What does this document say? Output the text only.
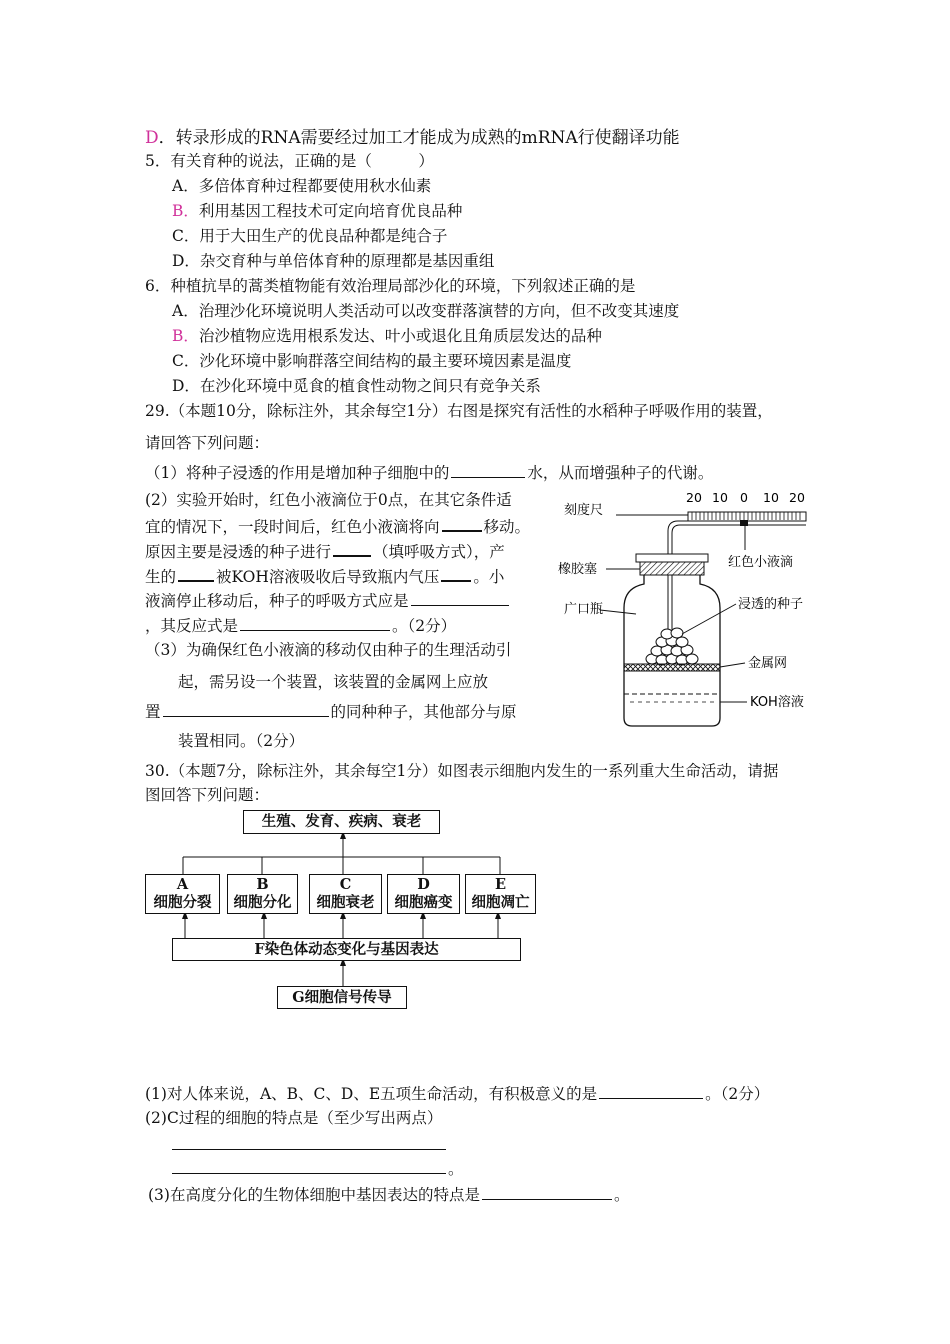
D．转录形成的RNA需要经过加工才能成为成熟的mRNA行使翻译功能
5．有关育种的说法，正确的是（　　　）
A．多倍体育种过程都要使用秋水仙素
B．利用基因工程技术可定向培育优良品种
C．用于大田生产的优良品种都是纯合子
D．杂交育种与单倍体育种的原理都是基因重组
6．种植抗旱的蒿类植物能有效治理局部沙化的环境，下列叙述正确的是
A．治理沙化环境说明人类活动可以改变群落演替的方向，但不改变其速度
B．治沙植物应选用根系发达、叶小或退化且角质层发达的品种
C．沙化环境中影响群落空间结构的最主要环境因素是温度
D．在沙化环境中觅食的植食性动物之间只有竞争关系
29.（本题10分，除标注外，其余每空1分）右图是探究有活性的水稻种子呼吸作用的装置，
请回答下列问题：
（1）将种子浸透的作用是增加种子细胞中的	水，从而增强种子的代谢。
(2）实验开始时，红色小液滴位于0点，在其它条件适
宜的情况下，一段时间后，红色小液滴将向	移动。
原因主要是浸透的种子进行	（填呼吸方式），产
生的	被KOH溶液吸收后导致瓶内气压 。小
液滴停止移动后，种子的呼吸方式应是
，其反应式是	。（2分）
（3）为确保红色小液滴的移动仅由种子的生理活动引
起，需另设一个装置，该装置的金属网上应放
置	的同种种子，其他部分与原
装置相同。（2分）
20 10 0 10 20
刻度尺
红色小液滴
橡胶塞
广口瓶	浸透的种子
金属网
KOH溶液
30.（本题7分，除标注外，其余每空1分）如图表示细胞内发生的一系列重大生命活动，请据
图回答下列问题：
生殖、发育、疾病、衰老
A
细胞分裂
B
细胞分化
C
细胞衰老
D
细胞癌变
E
细胞凋亡
F染色体动态变化与基因表达
G细胞信号传导
(1)对人体来说，A、B、C、D、E五项生命活动，有积极意义的是	。（2分）
(2)C过程的细胞的特点是（至少写出两点）
。
(3)在高度分化的生物体细胞中基因表达的特点是	。
